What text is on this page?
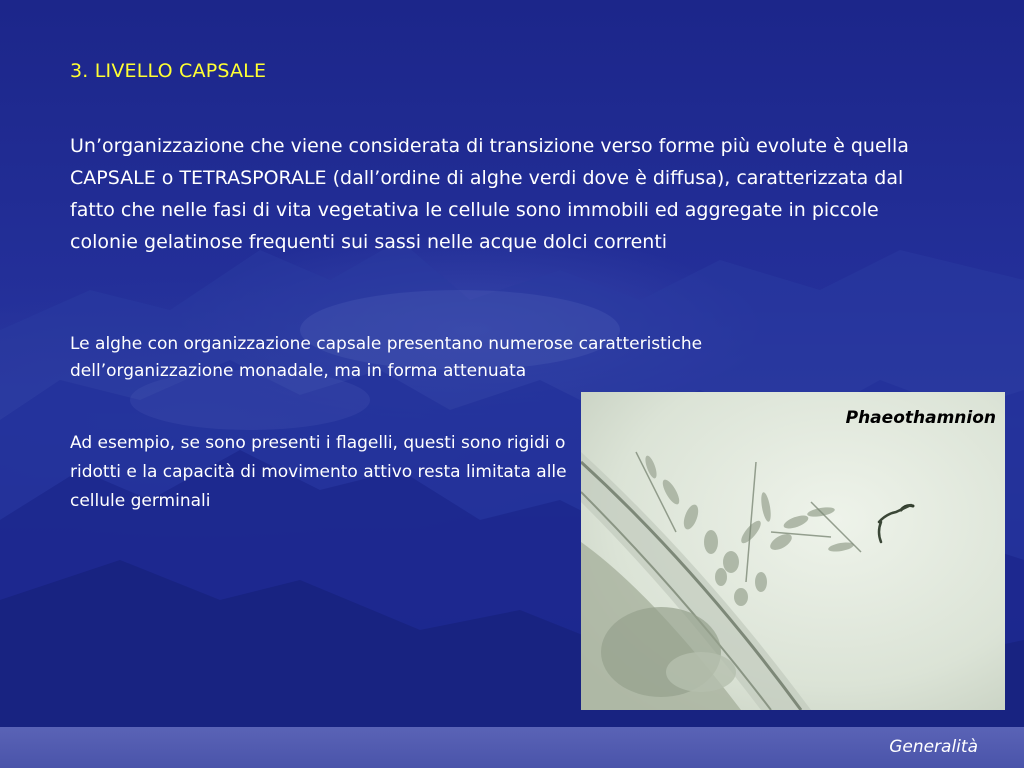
3. LIVELLO CAPSALE

Un’organizzazione che viene considerata di transizione verso forme più evolute è quella CAPSALE o TETRASPORALE (dall’ordine di alghe verdi dove è diffusa), caratterizzata dal fatto che nelle fasi di vita vegetativa le cellule sono immobili ed aggregate in piccole colonie gelatinose frequenti sui sassi nelle acque dolci correnti

Le alghe con organizzazione capsale presentano numerose caratteristiche dell’organizzazione monadale, ma in forma attenuata

Ad esempio, se sono presenti i flagelli, questi sono rigidi o ridotti e la capacità di movimento attivo resta limitata alle cellule germinali

Phaeothamnion
Generalità
